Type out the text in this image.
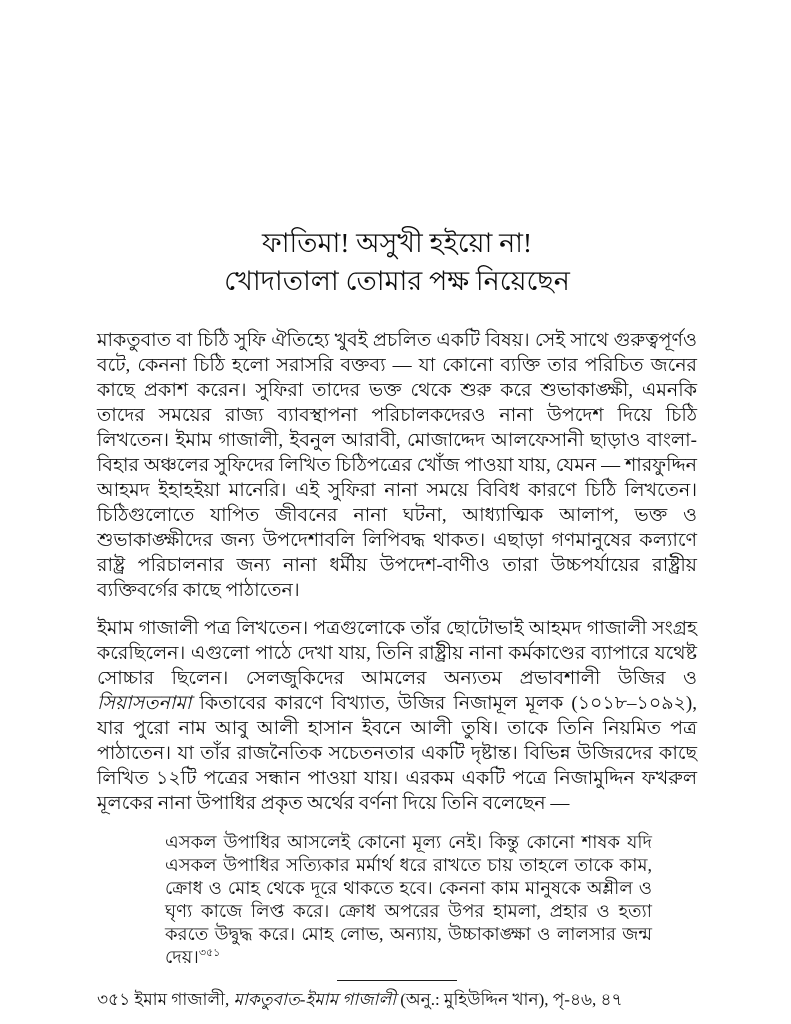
ফাতিমা! অসুখী হইয়ো না!
খোদাতালা তোমার পক্ষ নিয়েছেন

মাকতুবাত বা চিঠি সুফি ঐতিহ্যে খুবই প্রচলিত একটি বিষয়। সেই সাথে গুরুত্বপূর্ণও বটে, কেননা চিঠি হলো সরাসরি বক্তব্য — যা কোনো ব্যক্তি তার পরিচিত জনের কাছে প্রকাশ করেন। সুফিরা তাদের ভক্ত থেকে শুরু করে শুভাকাঙ্ক্ষী, এমনকি তাদের সময়ের রাজ্য ব্যাবস্থাপনা পরিচালকদেরও নানা উপদেশ দিয়ে চিঠি লিখতেন। ইমাম গাজালী, ইবনুল আরাবী, মোজাদ্দেদ আলফেসানী ছাড়াও বাংলা-বিহার অঞ্চলের সুফিদের লিখিত চিঠিপত্রের খোঁজ পাওয়া যায়, যেমন — শারফুদ্দিন আহমদ ইহাহইয়া মানেরি। এই সুফিরা নানা সময়ে বিবিধ কারণে চিঠি লিখতেন। চিঠিগুলোতে যাপিত জীবনের নানা ঘটনা, আধ্যাত্মিক আলাপ, ভক্ত ও শুভাকাঙ্ক্ষীদের জন্য উপদেশাবলি লিপিবদ্ধ থাকত। এছাড়া গণমানুষের কল্যাণে রাষ্ট্র পরিচালনার জন্য নানা ধর্মীয় উপদেশ-বাণীও তারা উচ্চপর্যায়ের রাষ্ট্রীয় ব্যক্তিবর্গের কাছে পাঠাতেন।

ইমাম গাজালী পত্র লিখতেন। পত্রগুলোকে তাঁর ছোটোভাই আহমদ গাজালী সংগ্রহ করেছিলেন। এগুলো পাঠে দেখা যায়, তিনি রাষ্ট্রীয় নানা কর্মকাণ্ডের ব্যাপারে যথেষ্ট সোচ্চার ছিলেন। সেলজুকিদের আমলের অন্যতম প্রভাবশালী উজির ও সিয়াসতনামা কিতাবের কারণে বিখ্যাত, উজির নিজামূল মূলক (১০১৮–১০৯২), যার পুরো নাম আবু আলী হাসান ইবনে আলী তুষি। তাকে তিনি নিয়মিত পত্র পাঠাতেন। যা তাঁর রাজনৈতিক সচেতনতার একটি দৃষ্টান্ত। বিভিন্ন উজিরদের কাছে লিখিত ১২টি পত্রের সন্ধান পাওয়া যায়। এরকম একটি পত্রে নিজামুদ্দিন ফখরুল মূলকের নানা উপাধির প্রকৃত অর্থের বর্ণনা দিয়ে তিনি বলেছেন —

এসকল উপাধির আসলেই কোনো মূল্য নেই। কিন্তু কোনো শাষক যদি এসকল উপাধির সত্যিকার মর্মার্থ ধরে রাখতে চায় তাহলে তাকে কাম, ক্রোধ ও মোহ থেকে দূরে থাকতে হবে। কেননা কাম মানুষকে অশ্লীল ও ঘৃণ্য কাজে লিপ্ত করে। ক্রোধ অপরের উপর হামলা, প্রহার ও হত্যা করতে উদ্বুদ্ধ করে। মোহ লোভ, অন্যায়, উচ্চাকাঙ্ক্ষা ও লালসার জন্ম দেয়।$^{৩৫১}$

৩৫১ ইমাম গাজালী, মাকতুবাত-ইমাম গাজালী (অনু.: মুহিউদ্দিন খান), পৃ-৪৬, ৪৭
